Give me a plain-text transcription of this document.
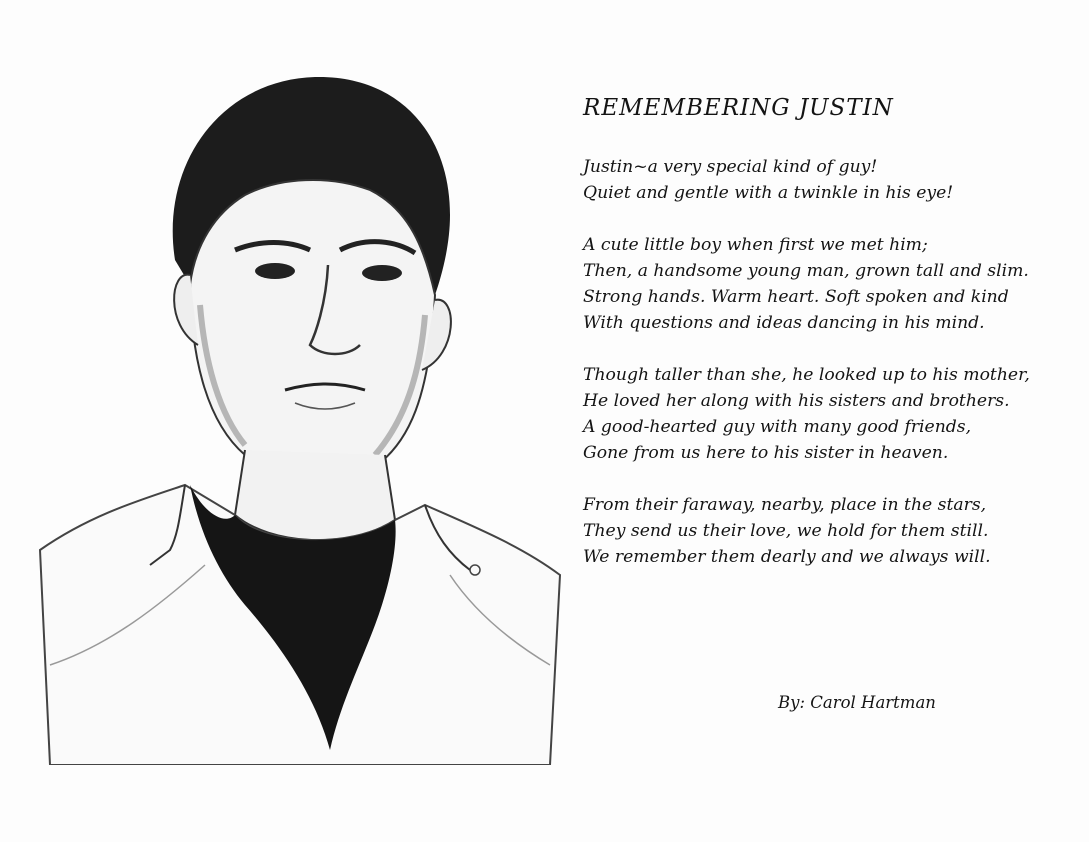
REMEMBERING JUSTIN
Justin~a very special kind of guy!
Quiet and gentle with a twinkle in his eye!
A cute little boy when first we met him;
Then, a handsome young man, grown tall and slim.
Strong hands. Warm heart. Soft spoken and kind
With questions and ideas dancing in his mind.
Though taller than she, he looked up to his mother,
He loved her along with his sisters and brothers.
A good-hearted guy with many good friends,
Gone from us here to his sister in heaven.
From their faraway, nearby, place in the stars,
They send us their love, we hold for them still.
We remember them dearly and we always will.
By: Carol Hartman
